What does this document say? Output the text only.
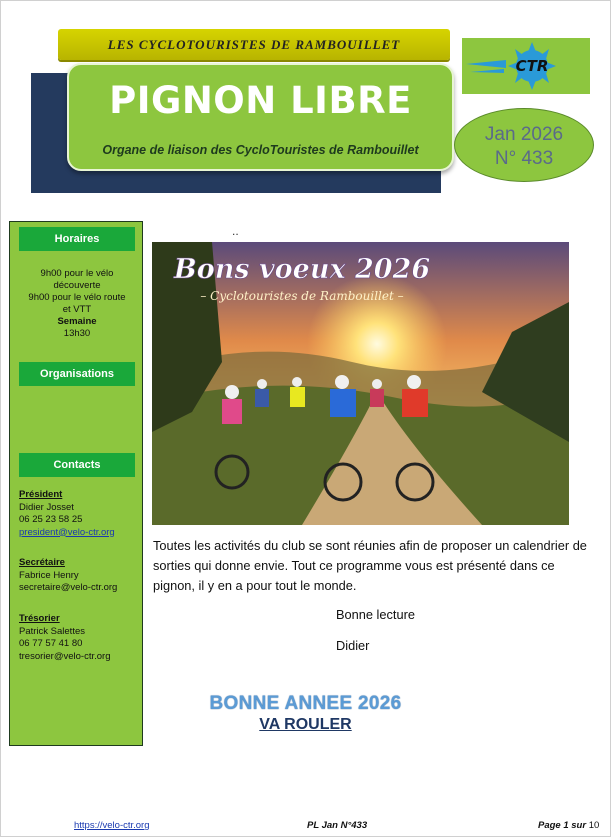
LES CYCLOTOURISTES DE RAMBOUILLET
PIGNON LIBRE
Organe de liaison des CycloTouristes de Rambouillet
CTR
Jan 2026
N° 433
Horaires
9h00 pour le vélo
découverte
9h00 pour le vélo route
et VTT
Semaine
13h30
Organisations
Contacts
Président
Didier Josset
06 25 23 58 25
president@velo-ctr.org
Secrétaire
Fabrice Henry
secretaire@velo-ctr.org
Trésorier
Patrick Salettes
06 77 57 41 80
tresorier@velo-ctr.org
..
Bons voeux 2026
– Cyclotouristes de Rambouillet –
Toutes les activités du club se sont réunies afin de proposer un calendrier de sorties qui donne envie. Tout ce programme vous est présenté dans ce pignon, il y en a pour tout le monde.
Bonne lecture
Didier
BONNE ANNEE 2026
VA ROULER
https://velo-ctr.org	PL Jan N°433	Page 1 sur 10
